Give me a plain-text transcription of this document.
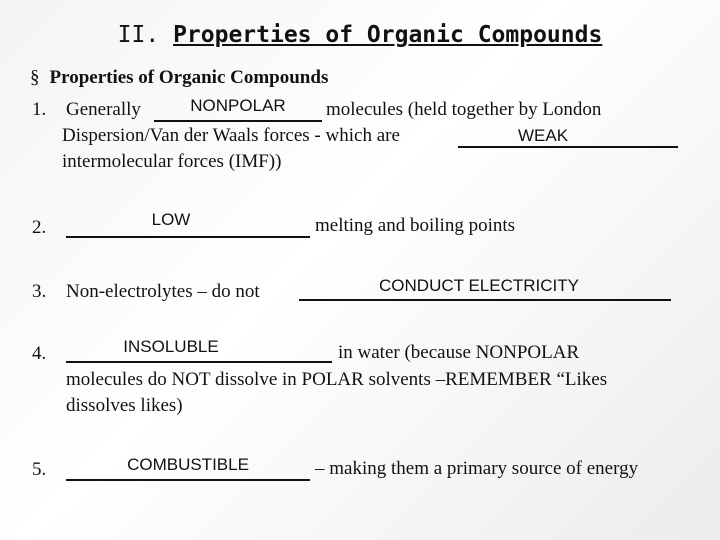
II. Properties of Organic Compounds
§ Properties of Organic Compounds
1. Generally	NONPOLAR	molecules (held together by London
Dispersion/Van der Waals forces - which are	WEAK
intermolecular forces (IMF))
2.	LOW	melting and boiling points
3. Non-electrolytes – do not	CONDUCT ELECTRICITY
4.	INSOLUBLE	in water (because NONPOLAR
molecules do NOT dissolve in POLAR solvents –REMEMBER “Likes
dissolves likes)
5.	COMBUSTIBLE	– making them a primary source of energy
